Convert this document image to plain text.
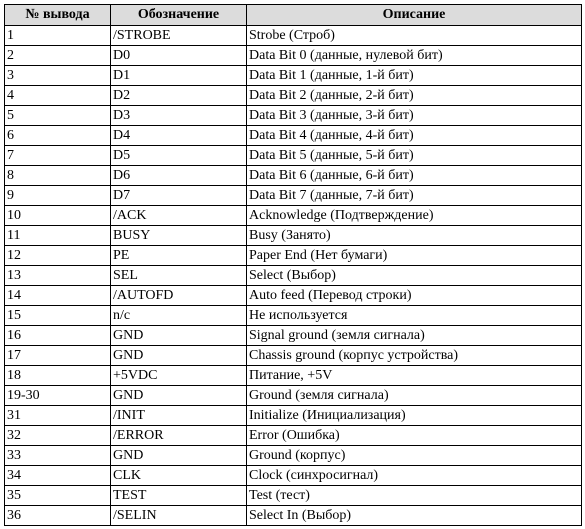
№ вывода	Обозначение	Описание
1	/STROBE	Strobe (Строб)
2	D0	Data Bit 0 (данные, нулевой бит)
3	D1	Data Bit 1 (данные, 1-й бит)
4	D2	Data Bit 2 (данные, 2-й бит)
5	D3	Data Bit 3 (данные, 3-й бит)
6	D4	Data Bit 4 (данные, 4-й бит)
7	D5	Data Bit 5 (данные, 5-й бит)
8	D6	Data Bit 6 (данные, 6-й бит)
9	D7	Data Bit 7 (данные, 7-й бит)
10	/ACK	Acknowledge (Подтверждение)
11	BUSY	Busy (Занято)
12	PE	Paper End (Нет бумаги)
13	SEL	Select (Выбор)
14	/AUTOFD	Auto feed (Перевод строки)
15	n/c	Не используется
16	GND	Signal ground (земля сигнала)
17	GND	Chassis ground (корпус устройства)
18	+5VDC	Питание, +5V
19-30	GND	Ground (земля сигнала)
31	/INIT	Initialize (Инициализация)
32	/ERROR	Error (Ошибка)
33	GND	Ground (корпус)
34	CLK	Clock (синхросигнал)
35	TEST	Test (тест)
36	/SELIN	Select In (Выбор)
